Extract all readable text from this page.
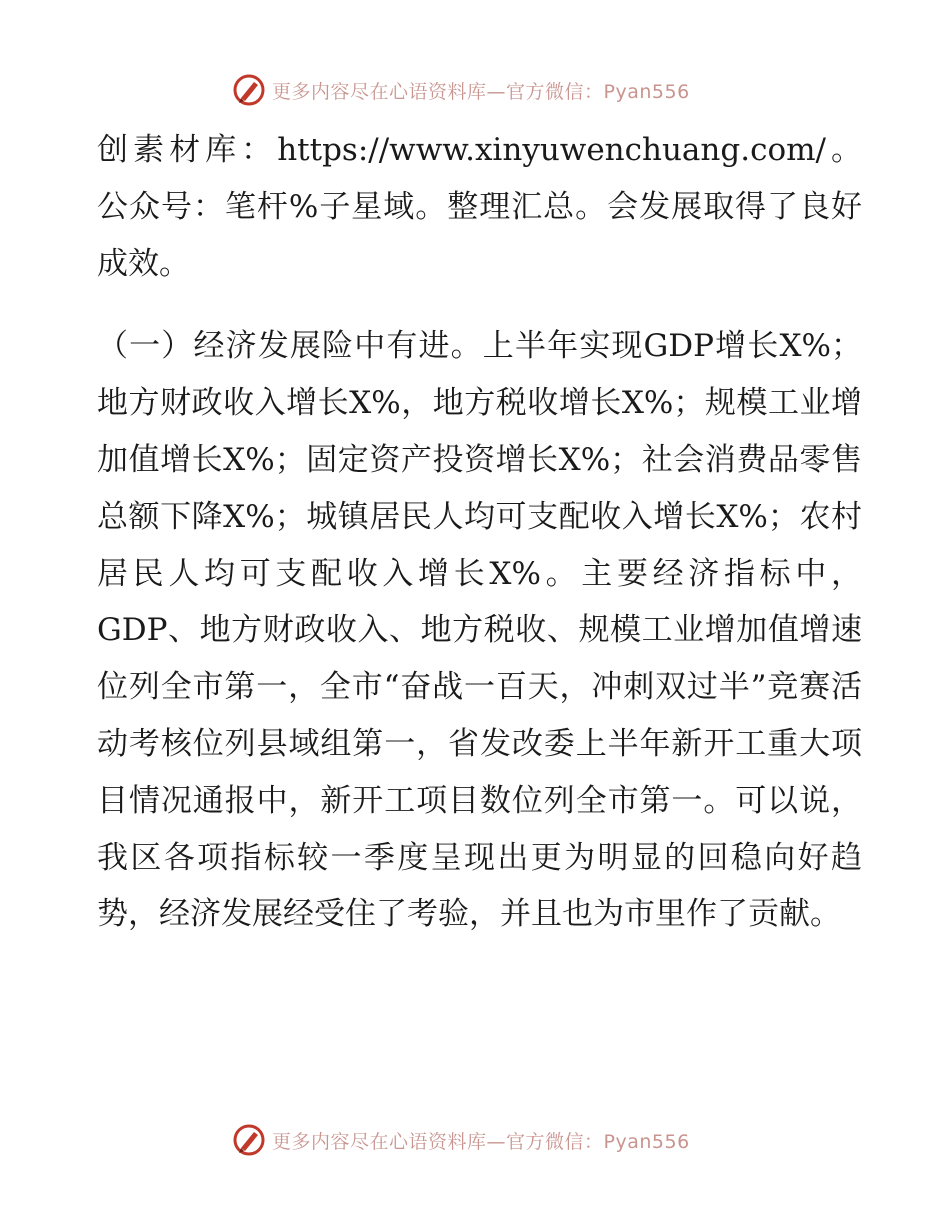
更多内容尽在心语资料库—官方微信：Pyan556

创素材库：https://www.xinyuwenchuang.com/。公众号：笔杆%子星域。整理汇总。会发展取得了良好成效。

（一）经济发展险中有进。上半年实现GDP增长X%；地方财政收入增长X%，地方税收增长X%；规模工业增加值增长X%；固定资产投资增长X%；社会消费品零售总额下降X%；城镇居民人均可支配收入增长X%；农村居民人均可支配收入增长X%。主要经济指标中，GDP、地方财政收入、地方税收、规模工业增加值增速位列全市第一，全市“奋战一百天，冲刺双过半”竞赛活动考核位列县域组第一，省发改委上半年新开工重大项目情况通报中，新开工项目数位列全市第一。可以说，我区各项指标较一季度呈现出更为明显的回稳向好趋势，经济发展经受住了考验，并且也为市里作了贡献。

更多内容尽在心语资料库—官方微信：Pyan556
